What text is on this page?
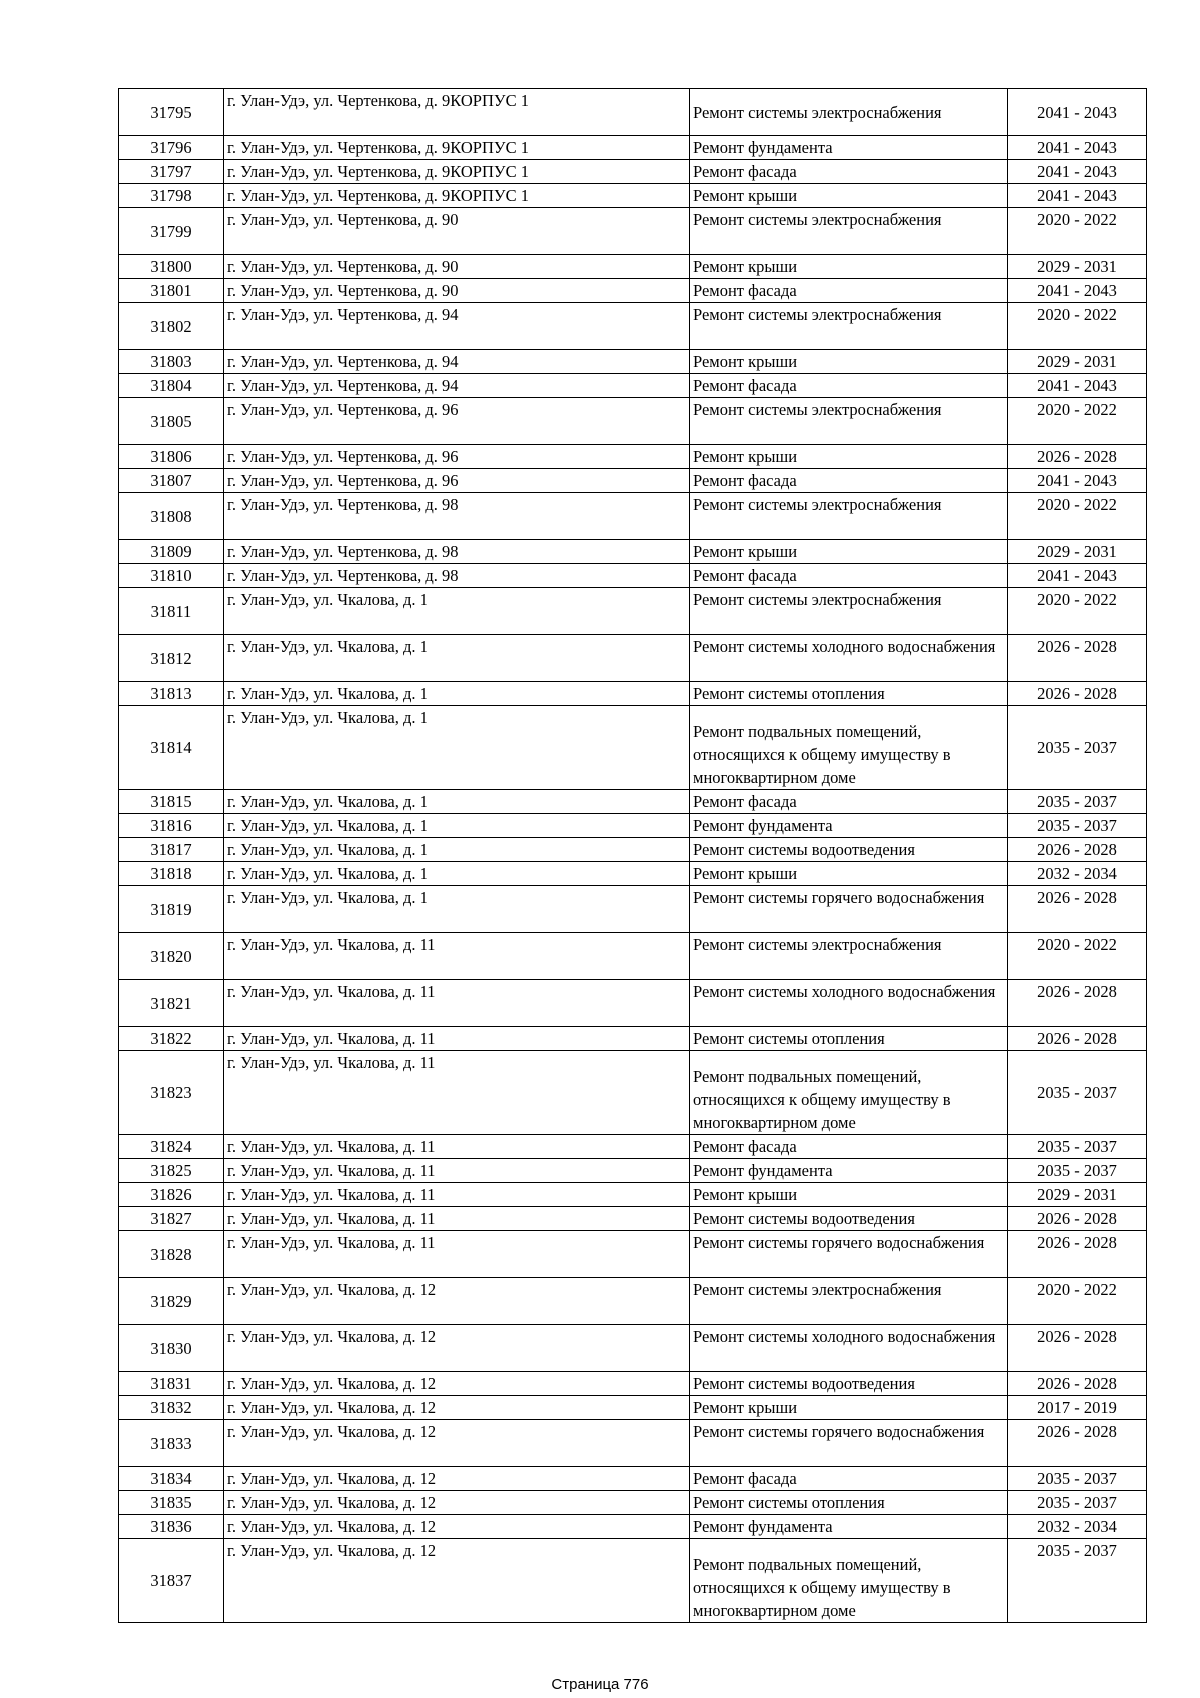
31795	г. Улан-Удэ, ул. Чертенкова, д. 9КОРПУС 1	Ремонт системы электроснабжения	2041 - 2043
31796	г. Улан-Удэ, ул. Чертенкова, д. 9КОРПУС 1	Ремонт фундамента	2041 - 2043
31797	г. Улан-Удэ, ул. Чертенкова, д. 9КОРПУС 1	Ремонт фасада	2041 - 2043
31798	г. Улан-Удэ, ул. Чертенкова, д. 9КОРПУС 1	Ремонт крыши	2041 - 2043
31799	г. Улан-Удэ, ул. Чертенкова, д. 90	Ремонт системы электроснабжения	2020 - 2022
31800	г. Улан-Удэ, ул. Чертенкова, д. 90	Ремонт крыши	2029 - 2031
31801	г. Улан-Удэ, ул. Чертенкова, д. 90	Ремонт фасада	2041 - 2043
31802	г. Улан-Удэ, ул. Чертенкова, д. 94	Ремонт системы электроснабжения	2020 - 2022
31803	г. Улан-Удэ, ул. Чертенкова, д. 94	Ремонт крыши	2029 - 2031
31804	г. Улан-Удэ, ул. Чертенкова, д. 94	Ремонт фасада	2041 - 2043
31805	г. Улан-Удэ, ул. Чертенкова, д. 96	Ремонт системы электроснабжения	2020 - 2022
31806	г. Улан-Удэ, ул. Чертенкова, д. 96	Ремонт крыши	2026 - 2028
31807	г. Улан-Удэ, ул. Чертенкова, д. 96	Ремонт фасада	2041 - 2043
31808	г. Улан-Удэ, ул. Чертенкова, д. 98	Ремонт системы электроснабжения	2020 - 2022
31809	г. Улан-Удэ, ул. Чертенкова, д. 98	Ремонт крыши	2029 - 2031
31810	г. Улан-Удэ, ул. Чертенкова, д. 98	Ремонт фасада	2041 - 2043
31811	г. Улан-Удэ, ул. Чкалова, д. 1	Ремонт системы электроснабжения	2020 - 2022
31812	г. Улан-Удэ, ул. Чкалова, д. 1	Ремонт системы холодного водоснабжения	2026 - 2028
31813	г. Улан-Удэ, ул. Чкалова, д. 1	Ремонт системы отопления	2026 - 2028
31814	г. Улан-Удэ, ул. Чкалова, д. 1	Ремонт подвальных помещений, относящихся к общему имуществу в многоквартирном доме	2035 - 2037
31815	г. Улан-Удэ, ул. Чкалова, д. 1	Ремонт фасада	2035 - 2037
31816	г. Улан-Удэ, ул. Чкалова, д. 1	Ремонт фундамента	2035 - 2037
31817	г. Улан-Удэ, ул. Чкалова, д. 1	Ремонт системы водоотведения	2026 - 2028
31818	г. Улан-Удэ, ул. Чкалова, д. 1	Ремонт крыши	2032 - 2034
31819	г. Улан-Удэ, ул. Чкалова, д. 1	Ремонт системы горячего водоснабжения	2026 - 2028
31820	г. Улан-Удэ, ул. Чкалова, д. 11	Ремонт системы электроснабжения	2020 - 2022
31821	г. Улан-Удэ, ул. Чкалова, д. 11	Ремонт системы холодного водоснабжения	2026 - 2028
31822	г. Улан-Удэ, ул. Чкалова, д. 11	Ремонт системы отопления	2026 - 2028
31823	г. Улан-Удэ, ул. Чкалова, д. 11	Ремонт подвальных помещений, относящихся к общему имуществу в многоквартирном доме	2035 - 2037
31824	г. Улан-Удэ, ул. Чкалова, д. 11	Ремонт фасада	2035 - 2037
31825	г. Улан-Удэ, ул. Чкалова, д. 11	Ремонт фундамента	2035 - 2037
31826	г. Улан-Удэ, ул. Чкалова, д. 11	Ремонт крыши	2029 - 2031
31827	г. Улан-Удэ, ул. Чкалова, д. 11	Ремонт системы водоотведения	2026 - 2028
31828	г. Улан-Удэ, ул. Чкалова, д. 11	Ремонт системы горячего водоснабжения	2026 - 2028
31829	г. Улан-Удэ, ул. Чкалова, д. 12	Ремонт системы электроснабжения	2020 - 2022
31830	г. Улан-Удэ, ул. Чкалова, д. 12	Ремонт системы холодного водоснабжения	2026 - 2028
31831	г. Улан-Удэ, ул. Чкалова, д. 12	Ремонт системы водоотведения	2026 - 2028
31832	г. Улан-Удэ, ул. Чкалова, д. 12	Ремонт крыши	2017 - 2019
31833	г. Улан-Удэ, ул. Чкалова, д. 12	Ремонт системы горячего водоснабжения	2026 - 2028
31834	г. Улан-Удэ, ул. Чкалова, д. 12	Ремонт фасада	2035 - 2037
31835	г. Улан-Удэ, ул. Чкалова, д. 12	Ремонт системы отопления	2035 - 2037
31836	г. Улан-Удэ, ул. Чкалова, д. 12	Ремонт фундамента	2032 - 2034
31837	г. Улан-Удэ, ул. Чкалова, д. 12	Ремонт подвальных помещений, относящихся к общему имуществу в многоквартирном доме	2035 - 2037
Страница 776
